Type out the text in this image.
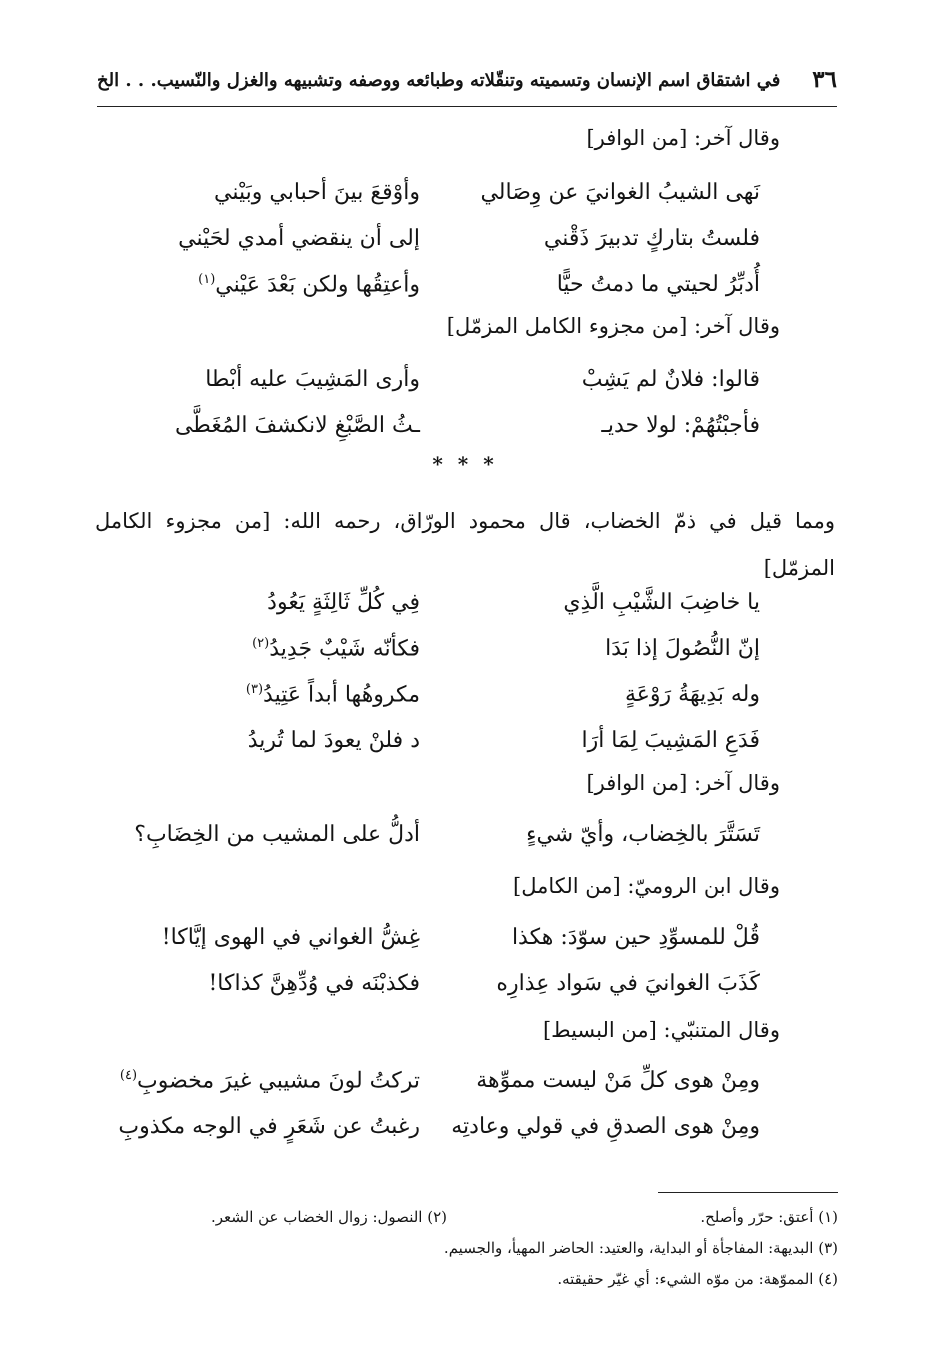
٣٦
في اشتقاق اسم الإنسان وتسميته وتنقّلاته وطبائعه ووصفه وتشبيهه والغزل والنّسيب. . . الخ
وقال آخر: [من الوافر]
نَهى الشيبُ الغوانيَ عن وِصَالي
وأوْقعَ بينَ أحبابي وبَيْني
فلستُ بتاركٍ تدبيرَ ذَقْني
إلى أن ينقضي أمدي لحَيْني
أُدبِّرُ لحيتي ما دمتُ حيًّا
وأعتِقُها ولكن بَعْدَ عَيْني$^{(١)}$
وقال آخر: [من مجزوء الكامل المزمّل]
قالوا: فلانٌ لم يَشِبْ
وأرى المَشِيبَ عليه أبْطا
فأجبْتُهُمْ: لولا حديـ
ـثُ الصَّبْغِ لانكشفَ المُغَطَّى
* * *
ومما قيل في ذمّ الخضاب، قال محمود الورّاق، رحمه الله: [من مجزوء الكامل المزمّل]
يا خاضِبَ الشَّيْبِ الَّذِي
فِي كُلِّ ثَالِثَةٍ يَعُودُ
إنّ النُّصُولَ إذا بَدَا
فكأنّه شَيْبٌ جَدِيدُ$^{(٢)}$
وله بَدِيهَةُ رَوْعَةٍ
مكروهُها أبداً عَتِيدُ$^{(٣)}$
فَدَعِ المَشِيبَ لِمَا أرَا
د فلنْ يعودَ لما تُريدُ
وقال آخر: [من الوافر]
تَسَتَّرَ بالخِضاب، وأيّ شيءٍ
أدلُّ على المشيب من الخِضَابِ؟
وقال ابن الروميّ: [من الكامل]
قُلْ للمسوِّدِ حين سوّدَ: هكذا
غِشُّ الغواني في الهوى إيَّاكا!
كَذَبَ الغوانيَ في سَواد عِذارِه
فكذبْنَه في وُدِّهِنَّ كذاكا!
وقال المتنبّي: [من البسيط]
ومِنْ هوى كلِّ مَنْ ليست مموِّهة
تركتُ لونَ مشيبي غيرَ مخضوبِ$^{(٤)}$
ومِنْ هوى الصدقِ في قولي وعادتِه
رغبتُ عن شَعَرٍ في الوجه مكذوبِ
(١) أعتق: حرّر وأصلح.
(٢) النصول: زوال الخضاب عن الشعر.
(٣) البديهة: المفاجأة أو البداية، والعتيد: الحاضر المهيأ، والجسيم.
(٤) المموّهة: من موّه الشيء: أي غيّر حقيقته.
